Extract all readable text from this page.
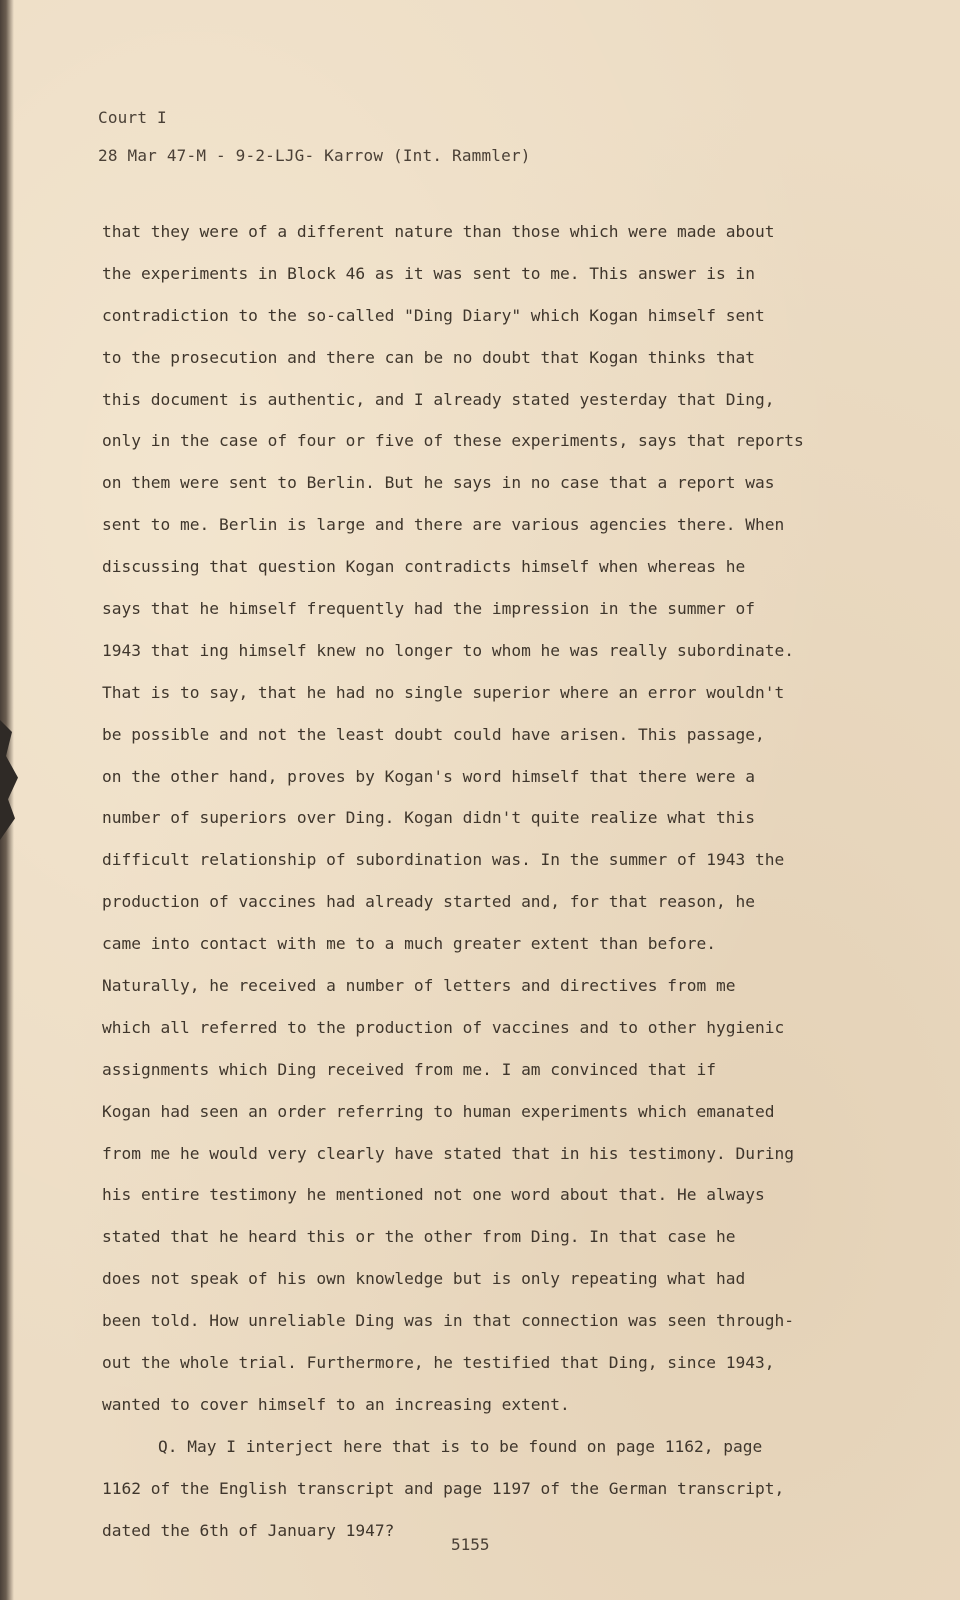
Court I
28 Mar 47-M - 9-2-LJG- Karrow (Int. Rammler)
that they were of a different nature than those which were made about
the experiments in Block 46 as it was sent to me. This answer is in
contradiction to the so-called "Ding Diary" which Kogan himself sent
to the prosecution and there can be no doubt that Kogan thinks that
this document is authentic, and I already stated yesterday that Ding,
only in the case of four or five of these experiments, says that reports
on them were sent to Berlin. But he says in no case that a report was
sent to me. Berlin is large and there are various agencies there. When
discussing that question Kogan contradicts himself when whereas he
says that he himself frequently had the impression in the summer of
1943 that ing himself knew no longer to whom he was really subordinate.
That is to say, that he had no single superior where an error wouldn't
be possible and not the least doubt could have arisen. This passage,
on the other hand, proves by Kogan's word himself that there were a
number of superiors over Ding. Kogan didn't quite realize what this
difficult relationship of subordination was. In the summer of 1943 the
production of vaccines had already started and, for that reason, he
came into contact with me to a much greater extent than before.
Naturally, he received a number of letters and directives from me
which all referred to the production of vaccines and to other hygienic
assignments which Ding received from me. I am convinced that if
Kogan had seen an order referring to human experiments which emanated
from me he would very clearly have stated that in his testimony. During
his entire testimony he mentioned not one word about that. He always
stated that he heard this or the other from Ding. In that case he
does not speak of his own knowledge but is only repeating what had
been told. How unreliable Ding was in that connection was seen through-
out the whole trial. Furthermore, he testified that Ding, since 1943,
wanted to cover himself to an increasing extent.
Q. May I interject here that is to be found on page 1162, page
1162 of the English transcript and page 1197 of the German transcript,
dated the 6th of January 1947?
5155
